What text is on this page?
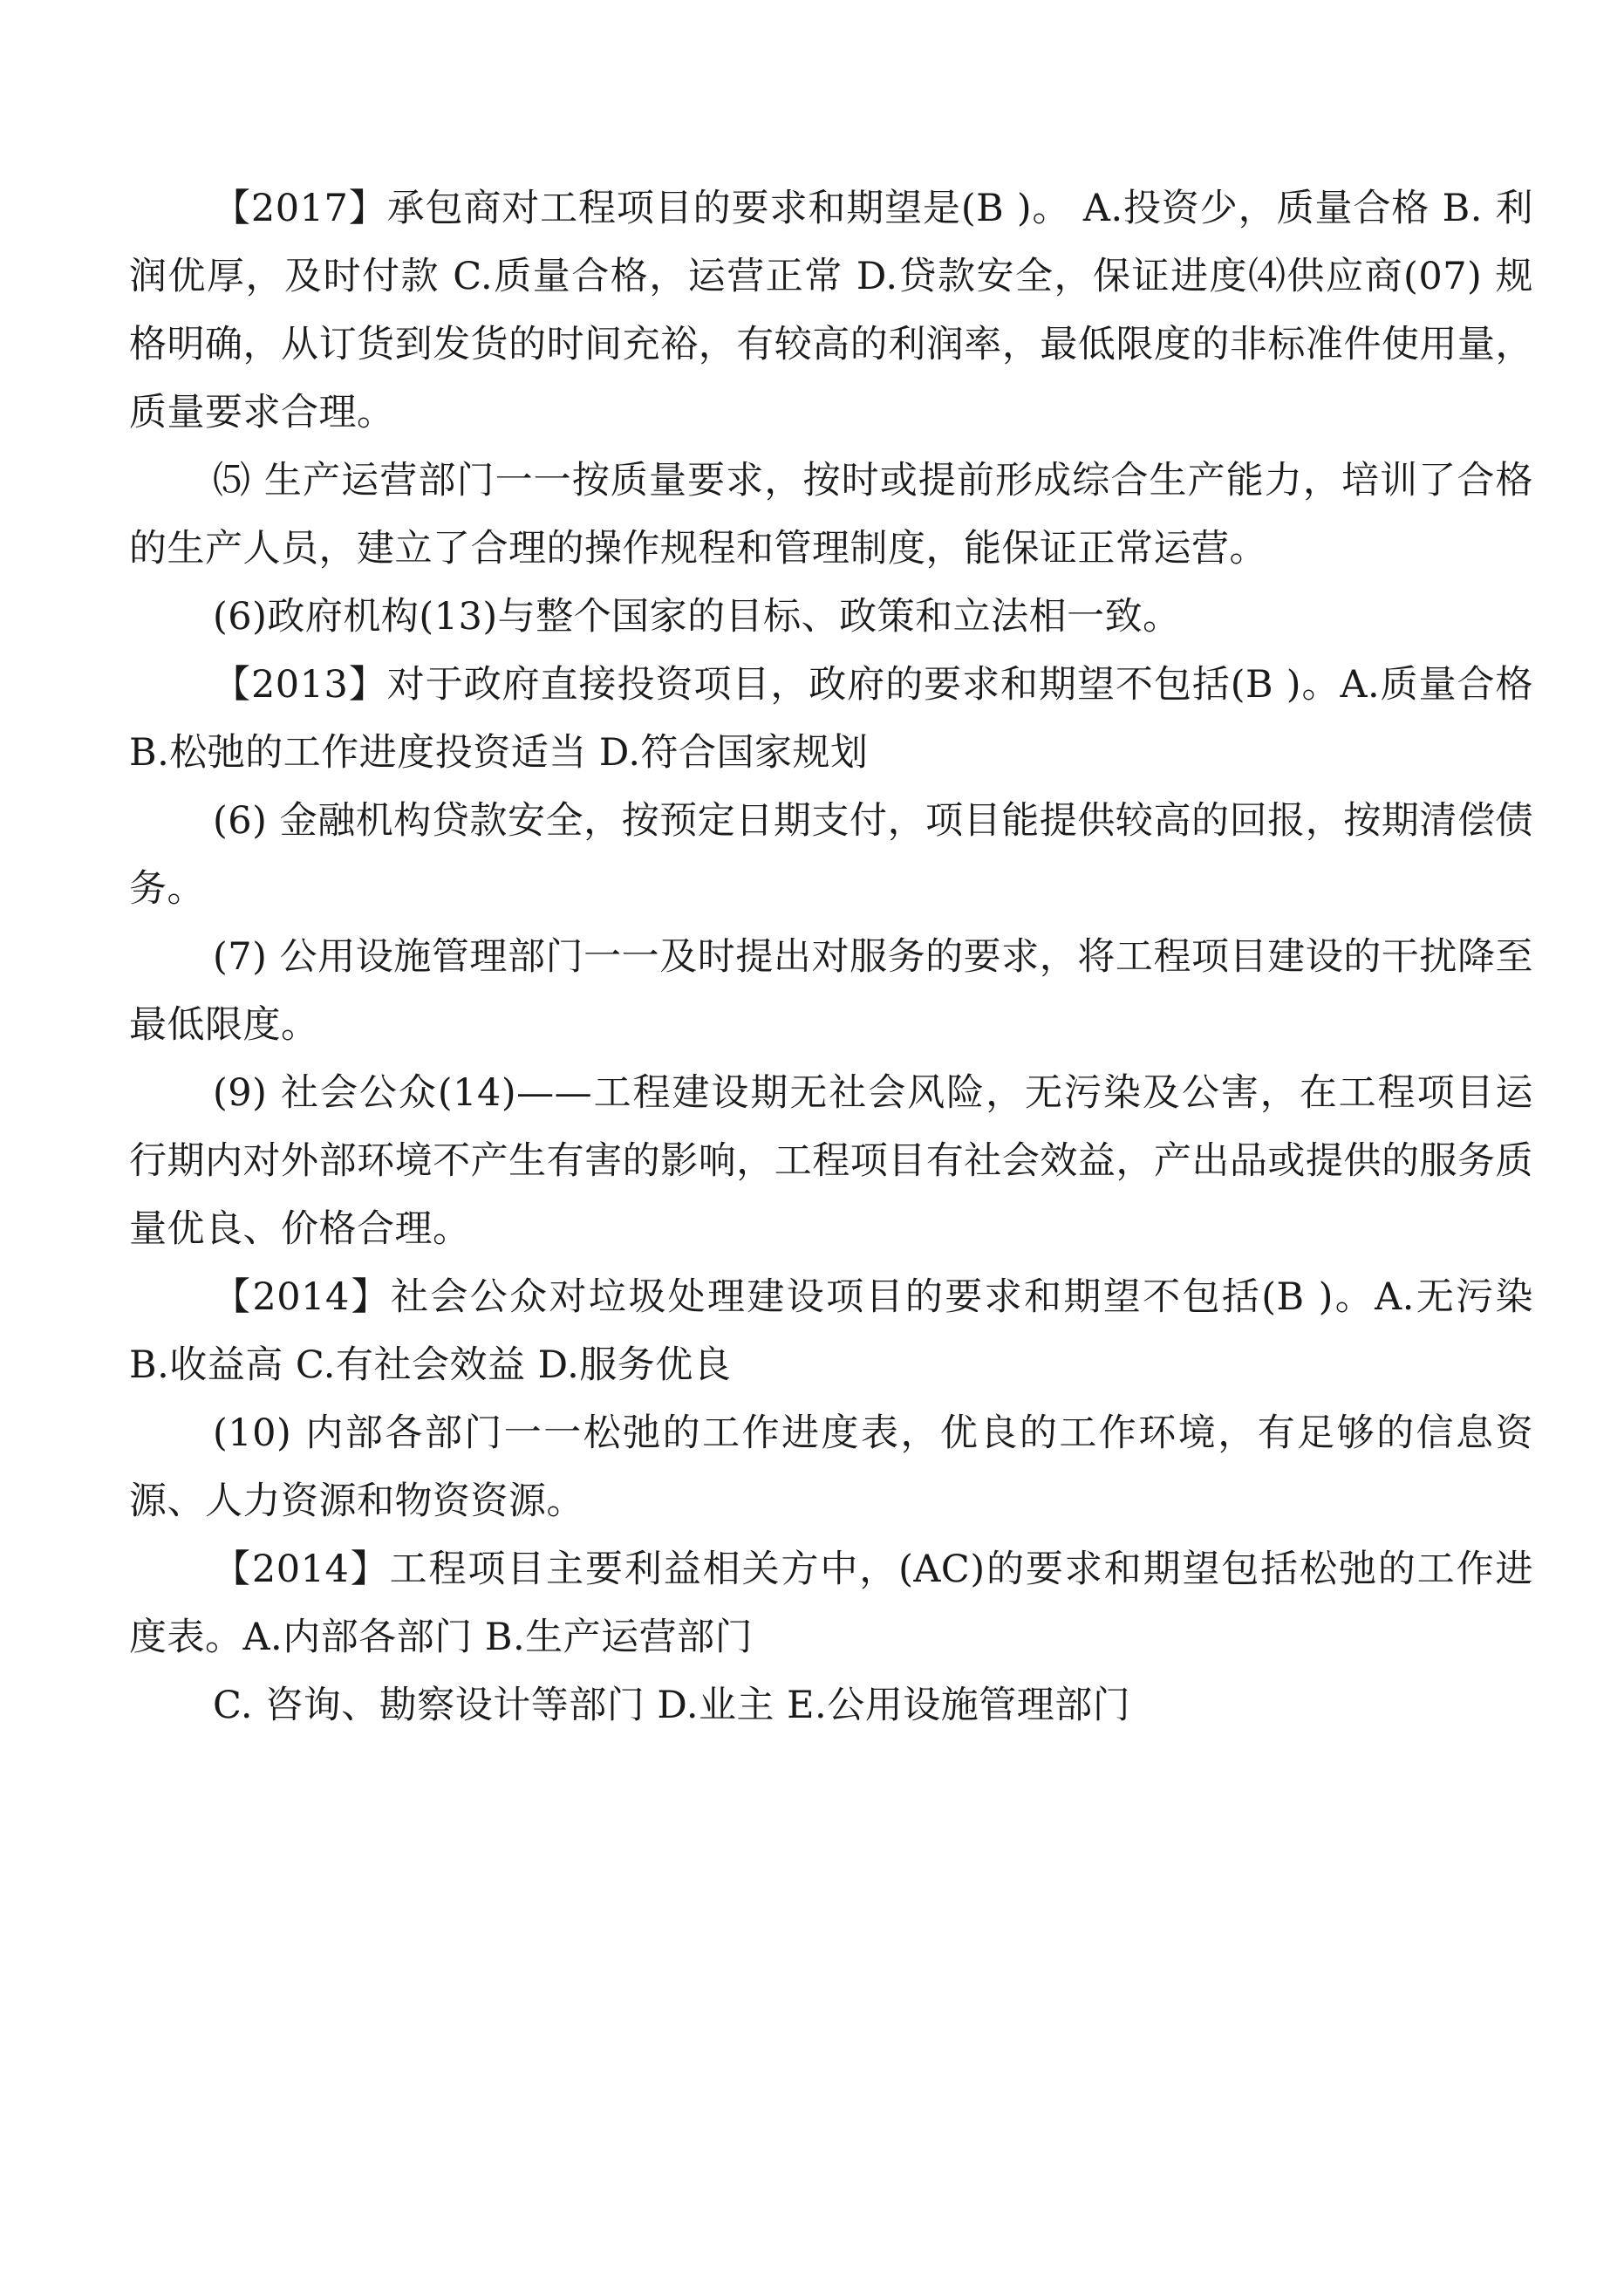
【2017】承包商对工程项目的要求和期望是(B )。 A.投资少，质量合格 B. 利润优厚，及时付款 C.质量合格，运营正常 D.贷款安全，保证进度⑷供应商(07) 规格明确，从订货到发货的时间充裕，有较高的利润率，最低限度的非标准件使用量，质量要求合理。

⑸ 生产运营部门一一按质量要求，按时或提前形成综合生产能力，培训了合格的生产人员，建立了合理的操作规程和管理制度，能保证正常运营。

(6)政府机构(13)与整个国家的目标、政策和立法相一致。

【2013】对于政府直接投资项目，政府的要求和期望不包括(B )。A.质量合格 B.松弛的工作进度投资适当 D.符合国家规划

(6) 金融机构贷款安全，按预定日期支付，项目能提供较高的回报，按期清偿债务。

(7) 公用设施管理部门一一及时提出对服务的要求，将工程项目建设的干扰降至最低限度。

(9) 社会公众(14)——工程建设期无社会风险，无污染及公害，在工程项目运行期内对外部环境不产生有害的影响，工程项目有社会效益，产出品或提供的服务质量优良、价格合理。

【2014】社会公众对垃圾处理建设项目的要求和期望不包括(B )。A.无污染 B.收益高 C.有社会效益 D.服务优良

(10) 内部各部门一一松弛的工作进度表，优良的工作环境，有足够的信息资源、人力资源和物资资源。

【2014】工程项目主要利益相关方中，(AC)的要求和期望包括松弛的工作进度表。A.内部各部门 B.生产运营部门

C. 咨询、勘察设计等部门 D.业主 E.公用设施管理部门
